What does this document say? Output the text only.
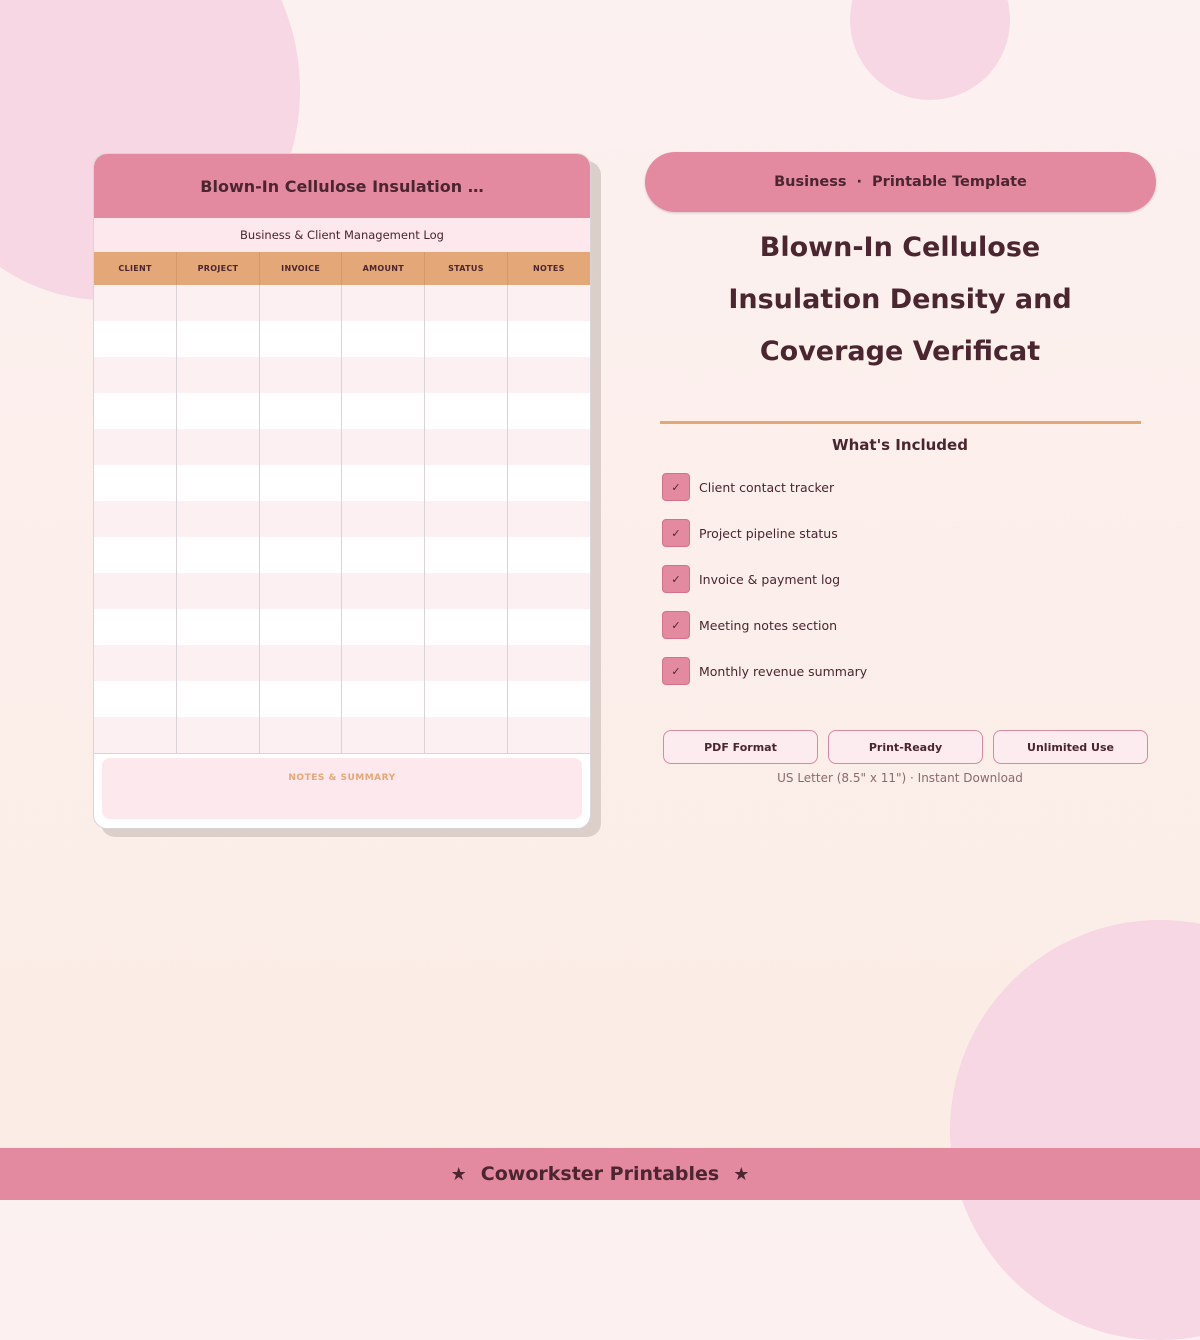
Blown-In Cellulose Insulation …
Business & Client Management Log
CLIENT	PROJECT	INVOICE	AMOUNT	STATUS	NOTES

NOTES & SUMMARY
Business · Printable Template
Blown-In Cellulose
Insulation Density and
Coverage Verificat
What's Included
✓	Client contact tracker
✓	Project pipeline status
✓	Invoice & payment log
✓	Meeting notes section
✓	Monthly revenue summary
PDF Format	Print-Ready	Unlimited Use
US Letter (8.5" x 11") · Instant Download
★ Coworkster Printables ★
